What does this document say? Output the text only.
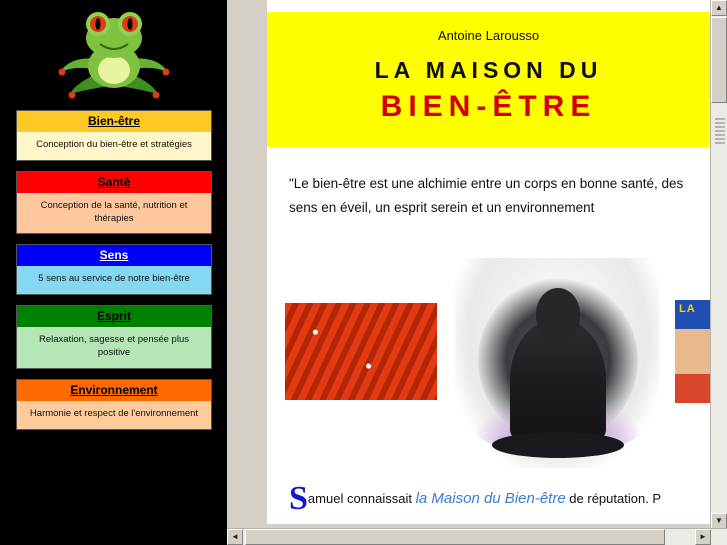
Bien-être
Conception du bien-être et stratégies
Santé
Conception de la santé, nutrition et thérapies
Sens
5 sens au service de notre bien-être
Esprit
Relaxation, sagesse et pensée plus positive
Environnement
Harmonie et respect de l'environnement
Antoine Larousso
LA MAISON DU
BIEN-ÊTRE
"Le bien-être est une alchimie entre un corps en bonne santé, des sens en éveil, un esprit serein et un environnement
LA
Samuel connaissait la Maison du Bien-être de réputation. P
▲
▼
◄	►
